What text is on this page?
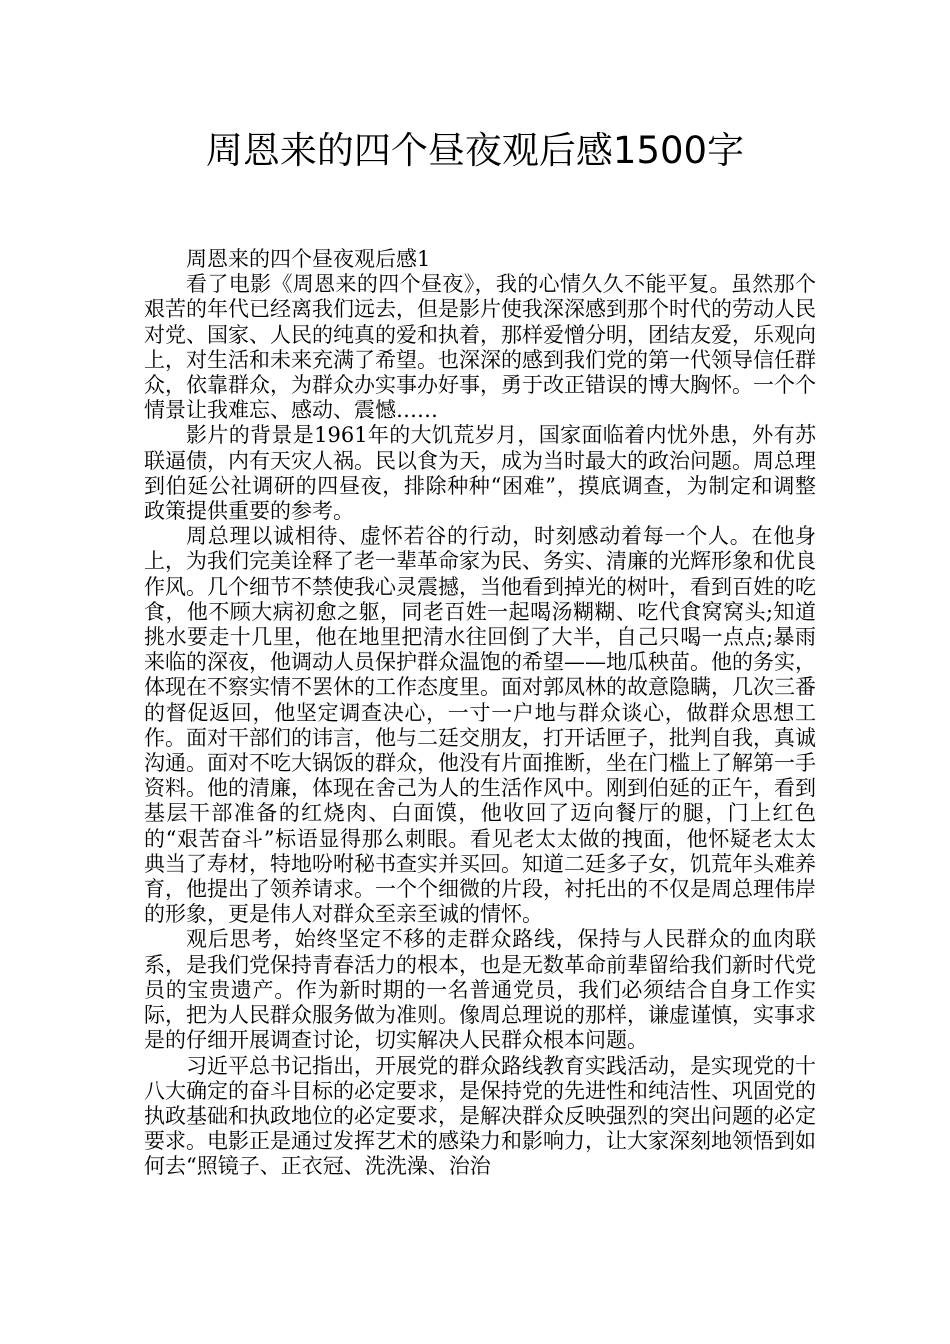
周恩来的四个昼夜观后感1500字

周恩来的四个昼夜观后感1

看了电影《周恩来的四个昼夜》，我的心情久久不能平复。虽然那个艰苦的年代已经离我们远去，但是影片使我深深感到那个时代的劳动人民对党、国家、人民的纯真的爱和执着，那样爱憎分明，团结友爱，乐观向上，对生活和未来充满了希望。也深深的感到我们党的第一代领导信任群众，依靠群众，为群众办实事办好事，勇于改正错误的博大胸怀。一个个情景让我难忘、感动、震憾……

影片的背景是1961年的大饥荒岁月，国家面临着内忧外患，外有苏联逼债，内有天灾人祸。民以食为天，成为当时最大的政治问题。周总理到伯延公社调研的四昼夜，排除种种“困难”，摸底调查，为制定和调整政策提供重要的参考。

周总理以诚相待、虚怀若谷的行动，时刻感动着每一个人。在他身上，为我们完美诠释了老一辈革命家为民、务实、清廉的光辉形象和优良作风。几个细节不禁使我心灵震撼，当他看到掉光的树叶，看到百姓的吃食，他不顾大病初愈之躯，同老百姓一起喝汤糊糊、吃代食窝窝头;知道挑水要走十几里，他在地里把清水往回倒了大半，自己只喝一点点;暴雨来临的深夜，他调动人员保护群众温饱的希望——地瓜秧苗。他的务实，体现在不察实情不罢休的工作态度里。面对郭凤林的故意隐瞒，几次三番的督促返回，他坚定调查决心，一寸一户地与群众谈心，做群众思想工作。面对干部们的讳言，他与二廷交朋友，打开话匣子，批判自我，真诚沟通。面对不吃大锅饭的群众，他没有片面推断，坐在门槛上了解第一手资料。他的清廉，体现在舍己为人的生活作风中。刚到伯延的正午，看到基层干部准备的红烧肉、白面馍，他收回了迈向餐厅的腿，门上红色的“艰苦奋斗”标语显得那么刺眼。看见老太太做的拽面，他怀疑老太太典当了寿材，特地吩咐秘书查实并买回。知道二廷多子女，饥荒年头难养育，他提出了领养请求。一个个细微的片段，衬托出的不仅是周总理伟岸的形象，更是伟人对群众至亲至诚的情怀。

观后思考，始终坚定不移的走群众路线，保持与人民群众的血肉联系，是我们党保持青春活力的根本，也是无数革命前辈留给我们新时代党员的宝贵遗产。作为新时期的一名普通党员，我们必须结合自身工作实际，把为人民群众服务做为准则。像周总理说的那样，谦虚谨慎，实事求是的仔细开展调查讨论，切实解决人民群众根本问题。

习近平总书记指出，开展党的群众路线教育实践活动，是实现党的十八大确定的奋斗目标的必定要求，是保持党的先进性和纯洁性、巩固党的执政基础和执政地位的必定要求，是解决群众反映强烈的突出问题的必定要求。电影正是通过发挥艺术的感染力和影响力，让大家深刻地领悟到如何去“照镜子、正衣冠、洗洗澡、治治
